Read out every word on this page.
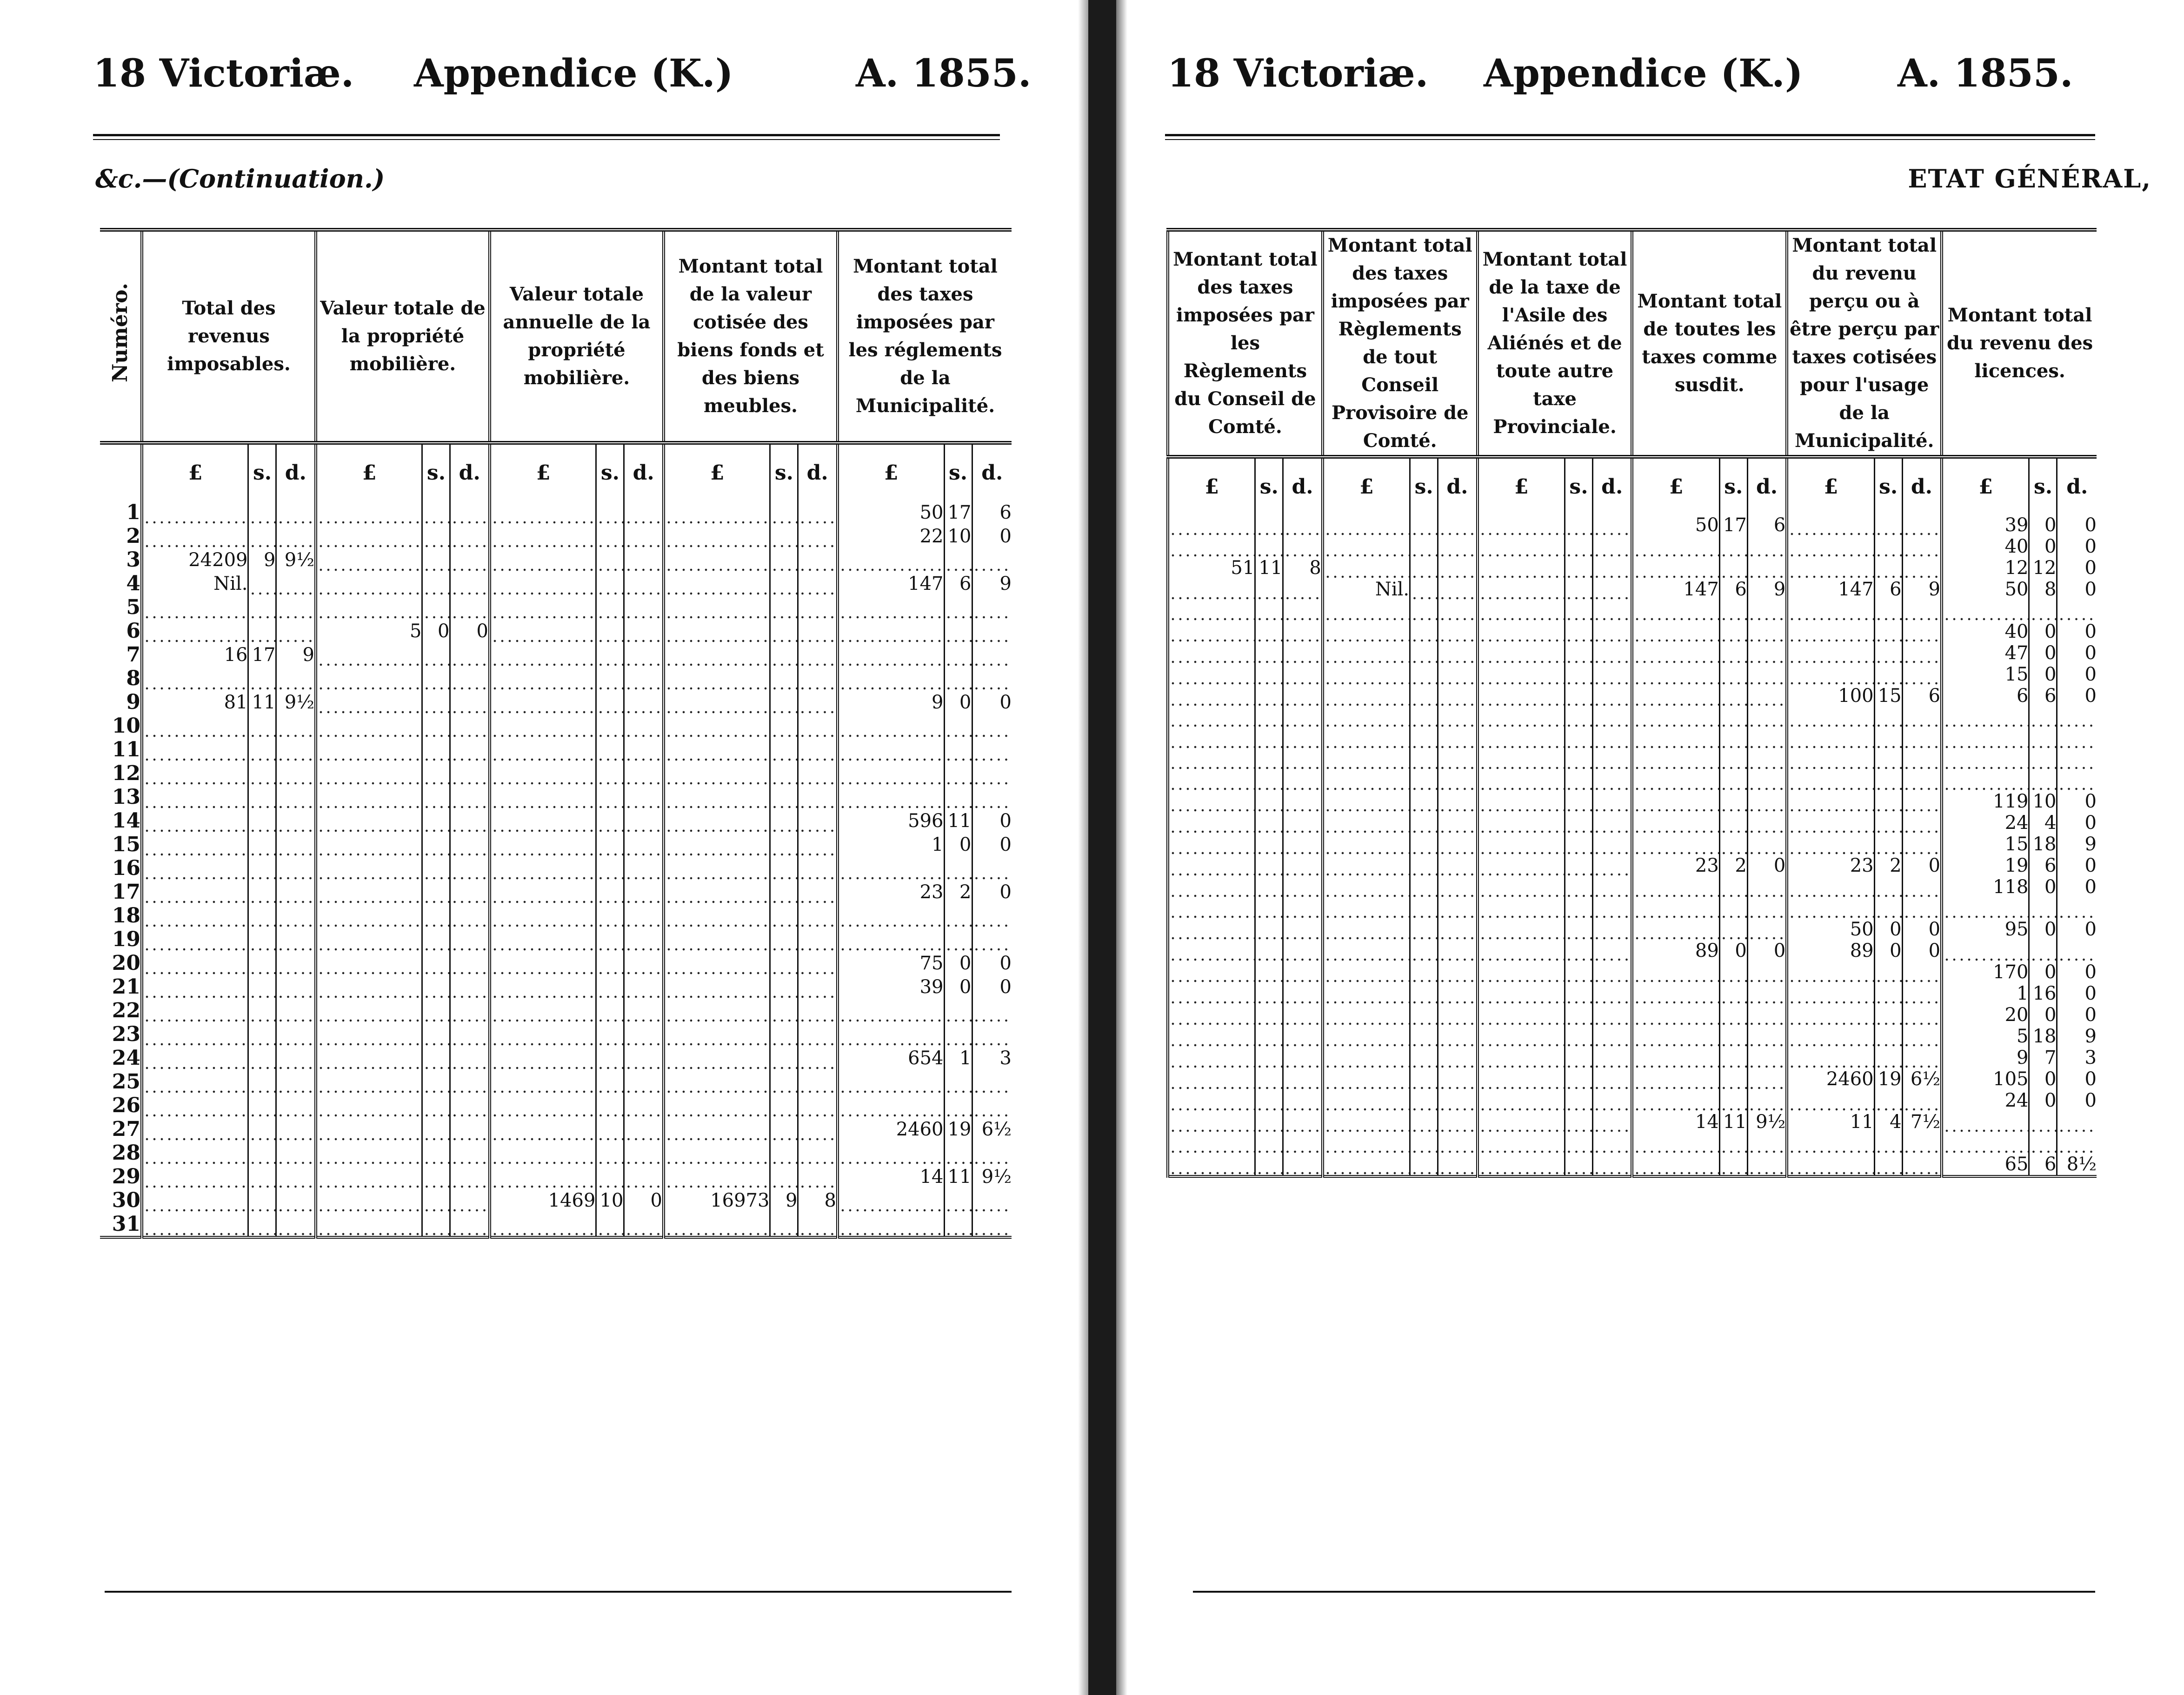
18 Victoriæ. Appendice (K.)	A. 1855.
&c.—(Continuation.)
Numéro.	Total des revenus imposables.			Valeur totale de la propriété mobilière.			Valeur totale annuelle de la propriété mobilière.			Montant total de la valeur cotisée des biens fonds et des biens meubles.			Montant total des taxes imposées par les réglements de la Municipalité.		
	£	s.	d.	£	s.	d.	£	s.	d.	£	s.	d.	£	s.	d.
1													50	17	6
2													22	10	0
3	24209	9	9½												
4	Nil.												147	6	9
5															
6				5	0	0									
7	16	17	9												
8															
9	81	11	9½										9	0	0
10															
11															
12															
13															
14													596	11	0
15													1	0	0
16															
17													23	2	0
18															
19															
20													75	0	0
21													39	0	0
22															
23															
24													654	1	3
25															
26															
27													2460	19	6½
28															
29													14	11	9½
30							1469	10	0	16973	9	8			
31															

18 Victoriæ. Appendice (K.) A. 1855.
ETAT GÉNÉRAL,
Montant total des taxes imposées par les Règlements du Conseil de Comté.			Montant total des taxes imposées par Règlements de tout Conseil Provisoire de Comté.			Montant total de la taxe de l'Asile des Aliénés et de toute autre taxe Provinciale.			Montant total de toutes les taxes comme susdit.			Montant total du revenu perçu ou à être perçu par taxes cotisées pour l'usage de la Municipalité.			Montant total du revenu des licences.		
£	s.	d.	£	s.	d.	£	s.	d.	£	s.	d.	£	s.	d.	£	s.	d.
									50	17	6				39	0	0
															40	0	0
51	11	8													12	12	0
			Nil.						147	6	9	147	6	9	50	8	0

															40	0	0
															47	0	0
															15	0	0
												100	15	6	6	6	0

															119	10	0
															24	4	0
															15	18	9
									23	2	0	23	2	0	19	6	0
															118	0	0

												50	0	0	95	0	0
									89	0	0	89	0	0			
															170	0	0
															1	16	0
															20	0	0
															5	18	9
															9	7	3
												2460	19	6½	105	0	0
															24	0	0
									14	11	9½	11	4	7½			

															65	6	8½
